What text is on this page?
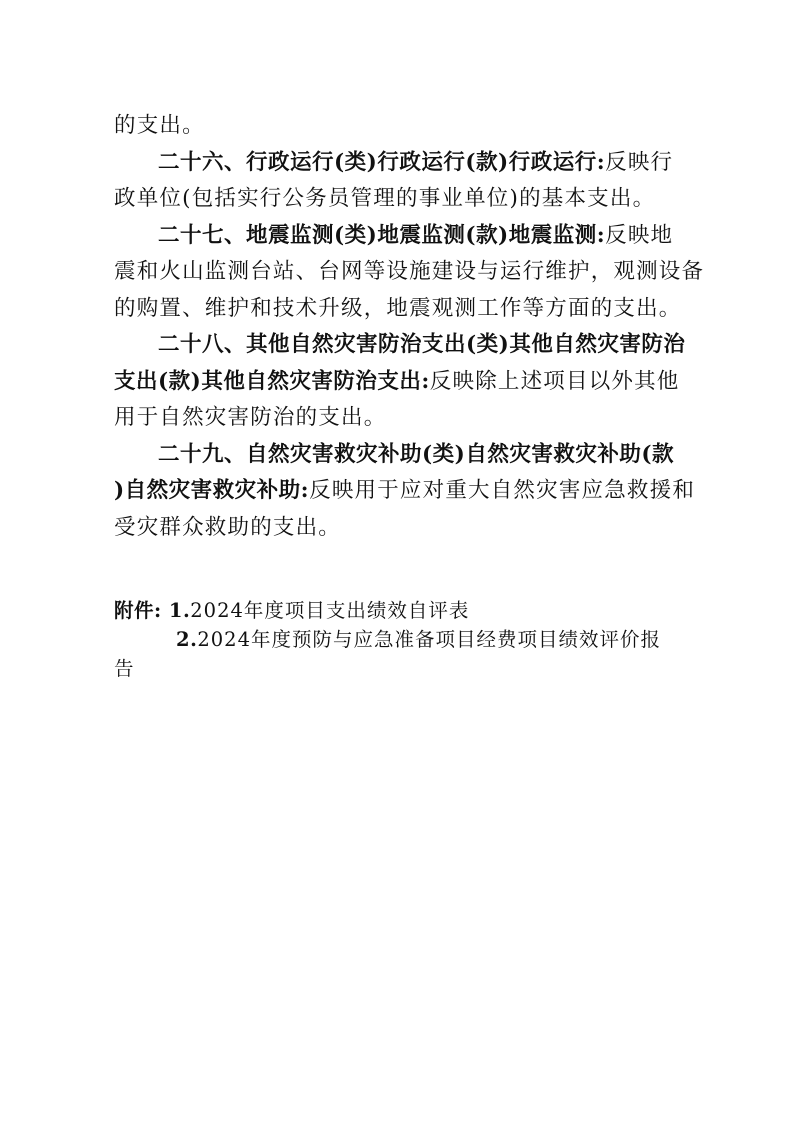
的支出。
二十六、行政运行(类)行政运行(款)行政运行:反映行
政单位(包括实行公务员管理的事业单位)的基本支出。
二十七、地震监测(类)地震监测(款)地震监测:反映地
震和火山监测台站、台网等设施建设与运行维护，观测设备
的购置、维护和技术升级，地震观测工作等方面的支出。
二十八、其他自然灾害防治支出(类)其他自然灾害防治
支出(款)其他自然灾害防治支出:反映除上述项目以外其他
用于自然灾害防治的支出。
二十九、自然灾害救灾补助(类)自然灾害救灾补助(款
)自然灾害救灾补助:反映用于应对重大自然灾害应急救援和
受灾群众救助的支出。
附件: 1.2024年度项目支出绩效自评表
2.2024年度预防与应急准备项目经费项目绩效评价报
告
